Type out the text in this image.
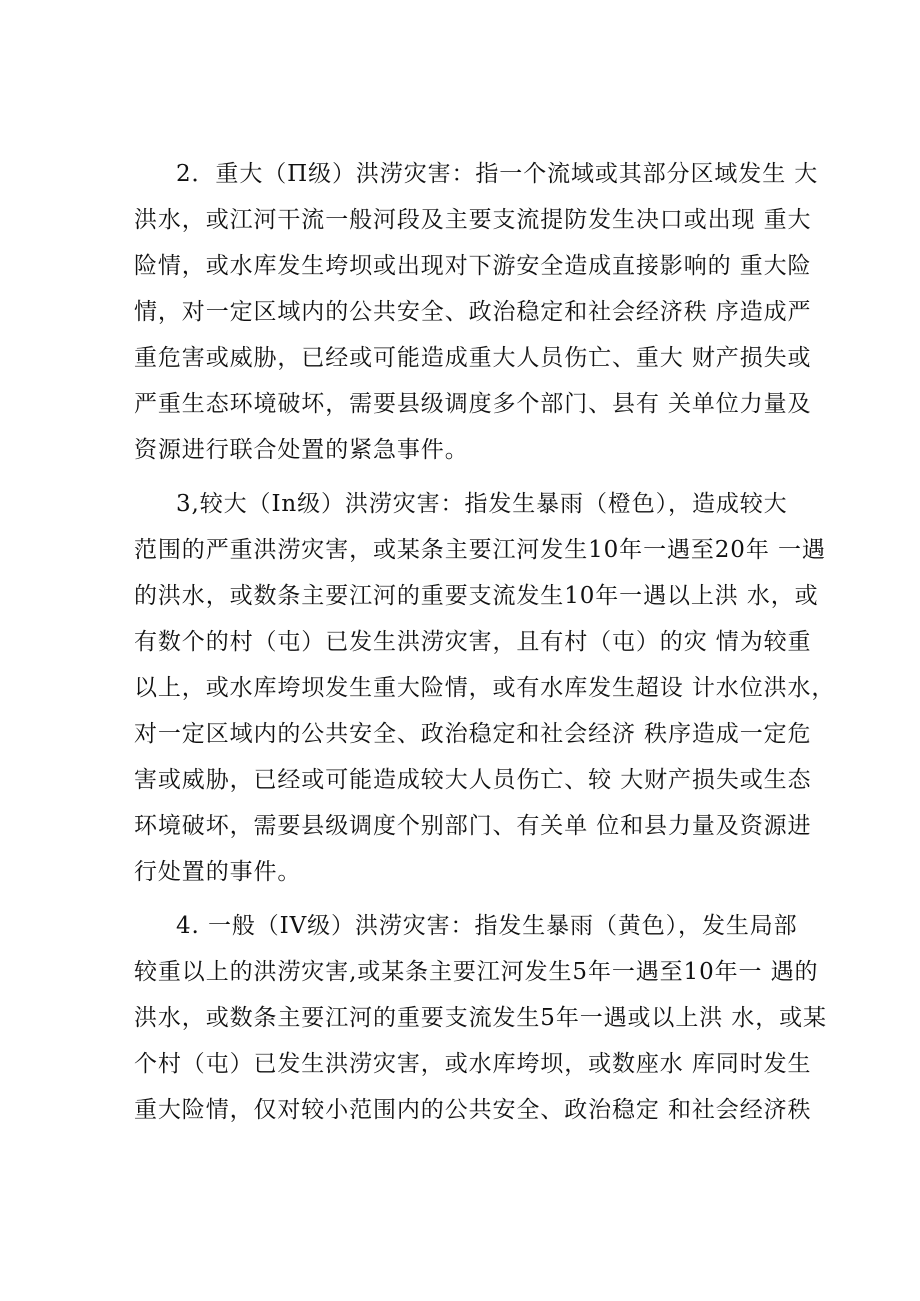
2．重大（П级）洪涝灾害：指一个流域或其部分区域发生 大
洪水，或江河干流一般河段及主要支流提防发生决口或出现 重大
险情，或水库发生垮坝或出现对下游安全造成直接影响的 重大险
情，对一定区域内的公共安全、政治稳定和社会经济秩 序造成严
重危害或威胁，已经或可能造成重大人员伤亡、重大 财产损失或
严重生态环境破坏，需要县级调度多个部门、县有 关单位力量及
资源进行联合处置的紧急事件。
3,较大（In级）洪涝灾害：指发生暴雨（橙色），造成较大
范围的严重洪涝灾害，或某条主要江河发生10年一遇至20年 一遇
的洪水，或数条主要江河的重要支流发生10年一遇以上洪 水，或
有数个的村（屯）已发生洪涝灾害，且有村（屯）的灾 情为较重
以上，或水库垮坝发生重大险情，或有水库发生超设 计水位洪水，
对一定区域内的公共安全、政治稳定和社会经济 秩序造成一定危
害或威胁，已经或可能造成较大人员伤亡、较 大财产损失或生态
环境破坏，需要县级调度个别部门、有关单 位和县力量及资源进
行处置的事件。
4. 一般（IV级）洪涝灾害：指发生暴雨（黄色），发生局部
较重以上的洪涝灾害,或某条主要江河发生5年一遇至10年一 遇的
洪水，或数条主要江河的重要支流发生5年一遇或以上洪 水，或某
个村（屯）已发生洪涝灾害，或水库垮坝，或数座水 库同时发生
重大险情，仅对较小范围内的公共安全、政治稳定 和社会经济秩
